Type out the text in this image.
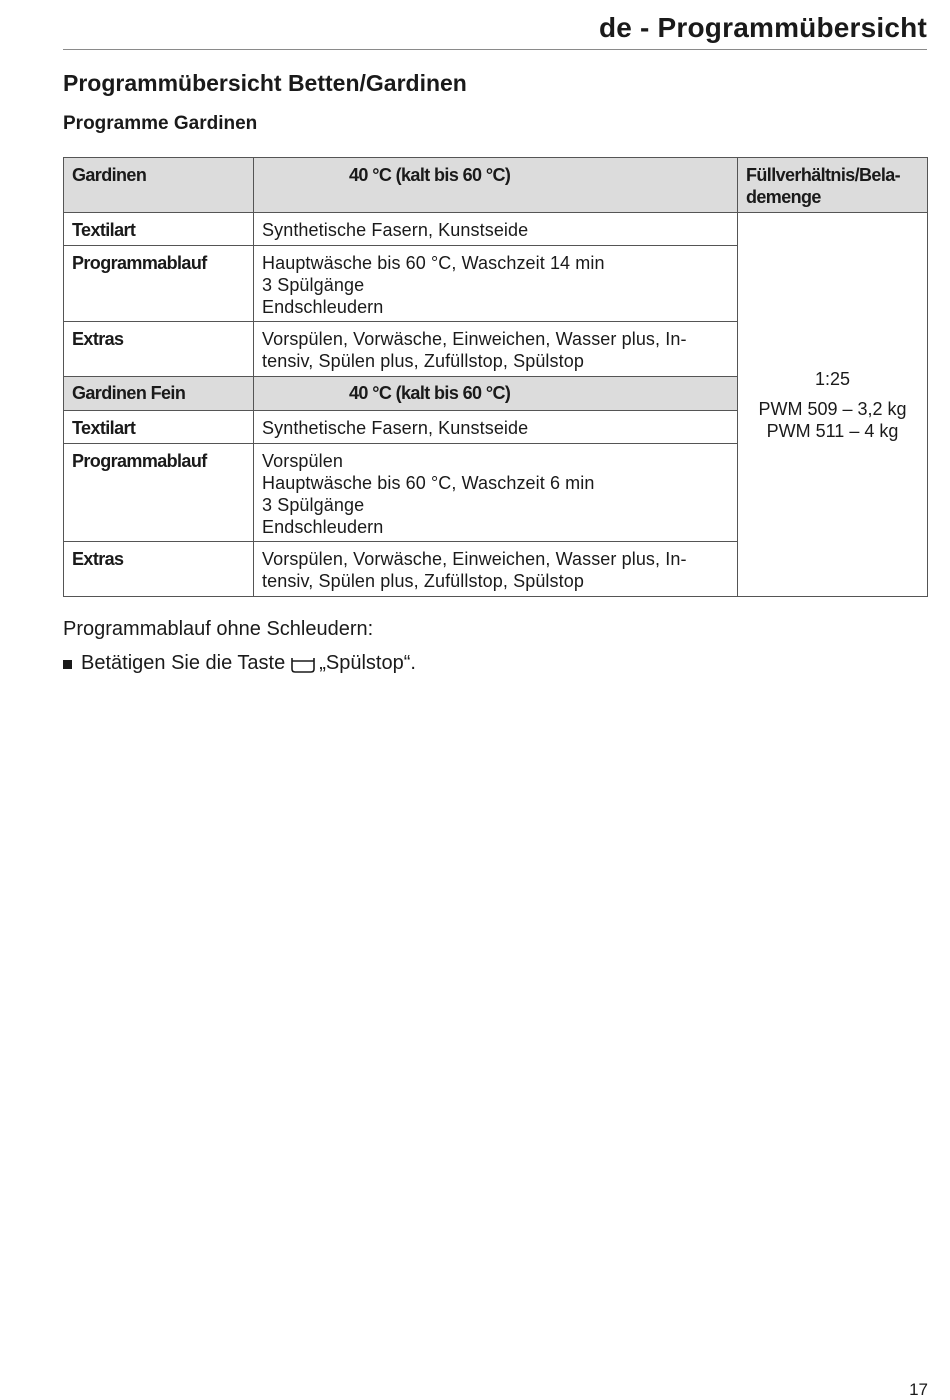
de - Programmübersicht
Programmübersicht Betten/Gardinen
Programme Gardinen
Gardinen	40 °C (kalt bis 60 °C)	Füllverhältnis/Bela-
demenge

Textilart	Synthetische Fasern, Kunstseide	1:25
PWM 509 – 3,2 kg
PWM 511 – 4 kg

Programmablauf	Hauptwäsche bis 60 °C, Waschzeit 14 min
3 Spülgänge
Endschleudern	

Extras	Vorspülen, Vorwäsche, Einweichen, Wasser plus, In-
tensiv, Spülen plus, Zufüllstop, Spülstop	

Gardinen Fein	40 °C (kalt bis 60 °C)	
Textilart	Synthetische Fasern, Kunstseide	

Programmablauf	Vorspülen
Hauptwäsche bis 60 °C, Waschzeit 6 min
3 Spülgänge
Endschleudern	

Extras	Vorspülen, Vorwäsche, Einweichen, Wasser plus, In-
tensiv, Spülen plus, Zufüllstop, Spülstop	
Programmablauf ohne Schleudern:
Betätigen Sie die Taste „Spülstop“.
17
